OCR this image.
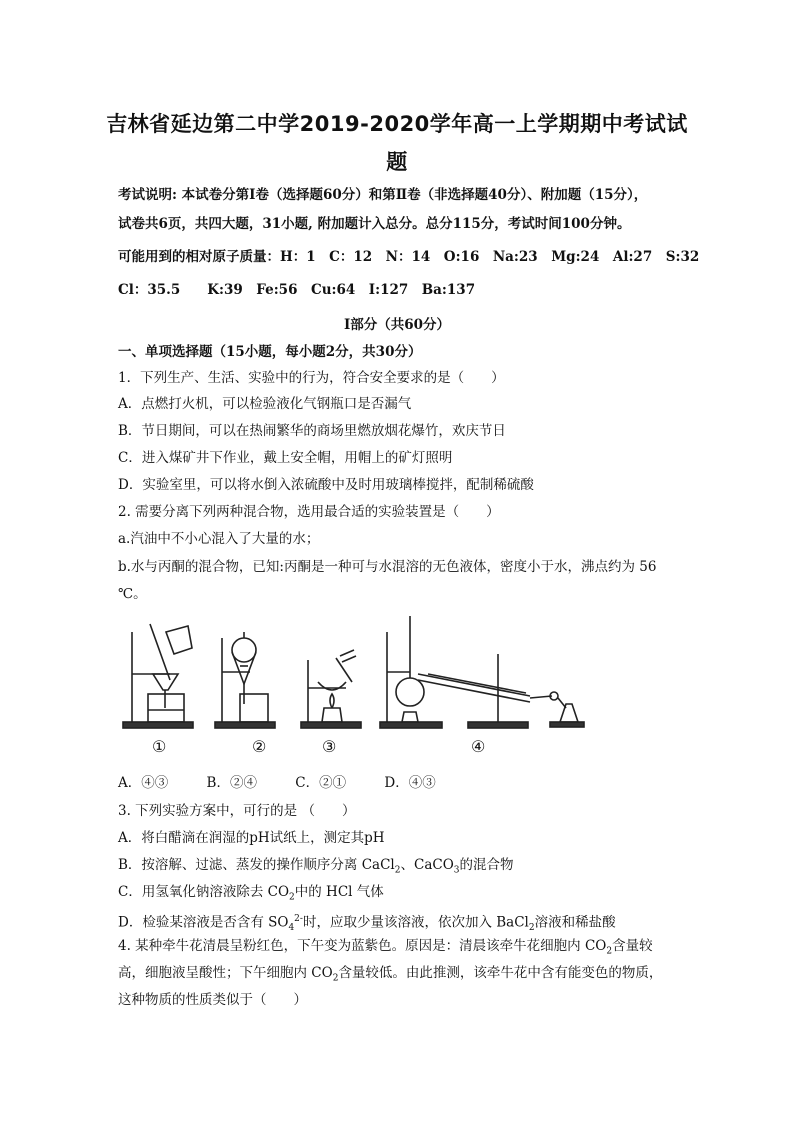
吉林省延边第二中学2019-2020学年高一上学期期中考试试
题
考试说明: 本试卷分第Ⅰ卷（选择题60分）和第Ⅱ卷（非选择题40分）、附加题（15分），
试卷共6页，共四大题，31小题, 附加题计入总分。总分115分，考试时间100分钟。
可能用到的相对原子质量：H：1　C：12　N：14　O:16　Na:23　Mg:24　Al:27　S:32
Cl：35.5　　K:39　Fe:56　Cu:64　I:127　Ba:137
Ⅰ部分（共60分）
一、单项选择题（15小题，每小题2分，共30分）
1．下列生产、生活、实验中的行为，符合安全要求的是（　　）
A．点燃打火机，可以检验液化气钢瓶口是否漏气
B．节日期间，可以在热闹繁华的商场里燃放烟花爆竹，欢庆节日
C．进入煤矿井下作业，戴上安全帽，用帽上的矿灯照明
D．实验室里，可以将水倒入浓硫酸中及时用玻璃棒搅拌，配制稀硫酸
2. 需要分离下列两种混合物，选用最合适的实验装置是（　　）
a.汽油中不小心混入了大量的水；
b.水与丙酮的混合物，已知:丙酮是一种可与水混溶的无色液体，密度小于水，沸点约为 56
℃。
①	②	③	④
A．④③	B．②④	C．②①	D．④③
3. 下列实验方案中，可行的是 （　　）
A．将白醋滴在润湿的pH试纸上，测定其pH
B．按溶解、过滤、蒸发的操作顺序分离 CaCl$_2$、CaCO$_3$的混合物
C．用氢氧化钠溶液除去 $CO_2$中的 HCl 气体
D．检验某溶液是否含有 $SO_4^{2-}$时，应取少量该溶液，依次加入 BaCl$_2$溶液和稀盐酸
4. 某种牵牛花清晨呈粉红色，下午变为蓝紫色。原因是：清晨该牵牛花细胞内 $CO_2$含量较
高，细胞液呈酸性；下午细胞内 $CO_2$含量较低。由此推测，该牵牛花中含有能变色的物质，
这种物质的性质类似于（　　）
